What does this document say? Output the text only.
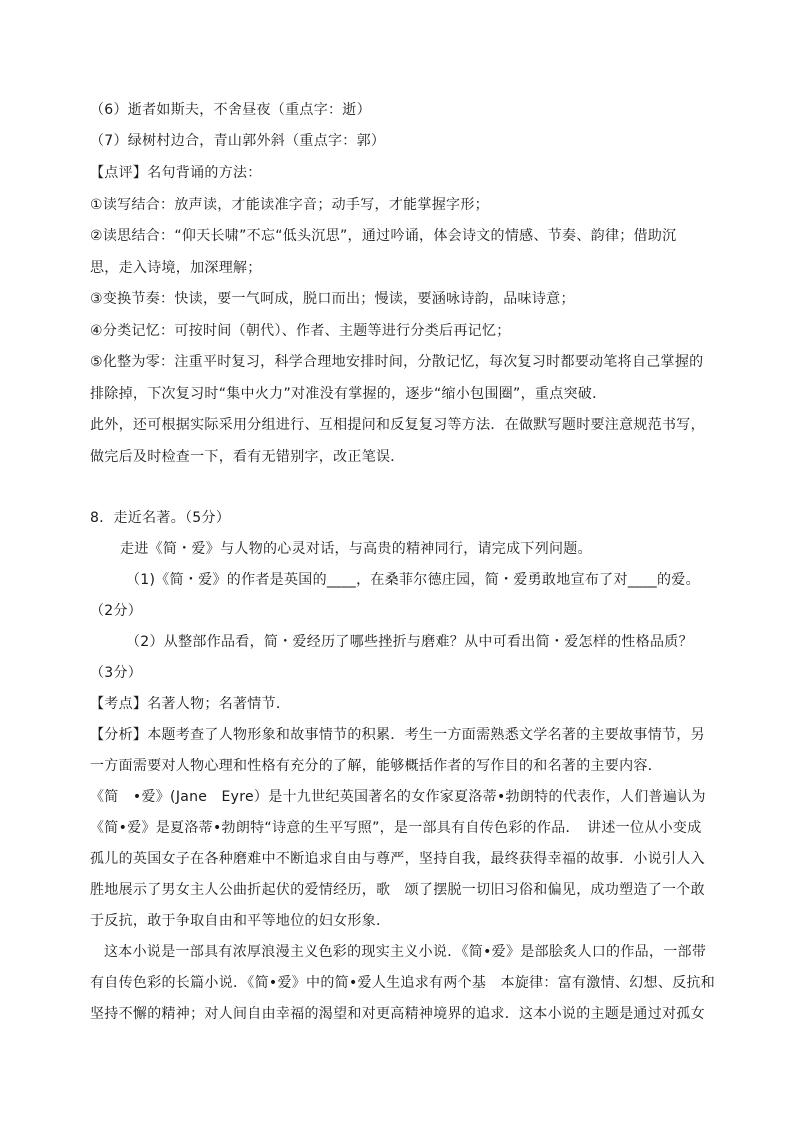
（6）逝者如斯夫，不舍昼夜（重点字：逝）
（7）绿树村边合，青山郭外斜（重点字：郭）
【点评】名句背诵的方法：
①读写结合：放声读，才能读准字音；动手写，才能掌握字形；
②读思结合：“仰天长啸”不忘“低头沉思”，通过吟诵，体会诗文的情感、节奏、韵律；借助沉
思，走入诗境，加深理解；
③变换节奏：快读，要一气呵成，脱口而出；慢读，要涵咏诗韵，品味诗意；
④分类记忆：可按时间（朝代）、作者、主题等进行分类后再记忆；
⑤化整为零：注重平时复习，科学合理地安排时间，分散记忆，每次复习时都要动笔将自己掌握的
排除掉，下次复习时“集中火力”对准没有掌握的，逐步“缩小包围圈”，重点突破．
此外，还可根据实际采用分组进行、互相提问和反复复习等方法．在做默写题时要注意规范书写，
做完后及时检查一下，看有无错别字，改正笔误．
8．走近名著。（5分）
走进《简・爱》与人物的心灵对话，与高贵的精神同行，请完成下列问题。
（1)《简・爱》的作者是英国的____，在桑菲尔德庄园，简・爱勇敢地宣布了对____的爱。
（2分）
（2）从整部作品看，简・爱经历了哪些挫折与磨难？从中可看出简・爱怎样的性格品质？
（3分）
【考点】名著人物；名著情节．
【分析】本题考查了人物形象和故事情节的积累．考生一方面需熟悉文学名著的主要故事情节，另
一方面需要对人物心理和性格有充分的了解，能够概括作者的写作目的和名著的主要内容．
《简　•爱》(Jane　Eyre）是十九世纪英国著名的女作家夏洛蒂•勃朗特的代表作，人们普遍认为
《简•爱》是夏洛蒂•勃朗特“诗意的生平写照”，是一部具有自传色彩的作品．　讲述一位从小变成
孤儿的英国女子在各种磨难中不断追求自由与尊严，坚持自我，最终获得幸福的故事．小说引人入
胜地展示了男女主人公曲折起伏的爱情经历，歌　颂了摆脱一切旧习俗和偏见，成功塑造了一个敢
于反抗，敢于争取自由和平等地位的妇女形象．
这本小说是一部具有浓厚浪漫主义色彩的现实主义小说．《简•爱》是部脍炙人口的作品，一部带
有自传色彩的长篇小说．《简•爱》中的简•爱人生追求有两个基　本旋律：富有激情、幻想、反抗和
坚持不懈的精神；对人间自由幸福的渴望和对更高精神境界的追求．这本小说的主题是通过对孤女
